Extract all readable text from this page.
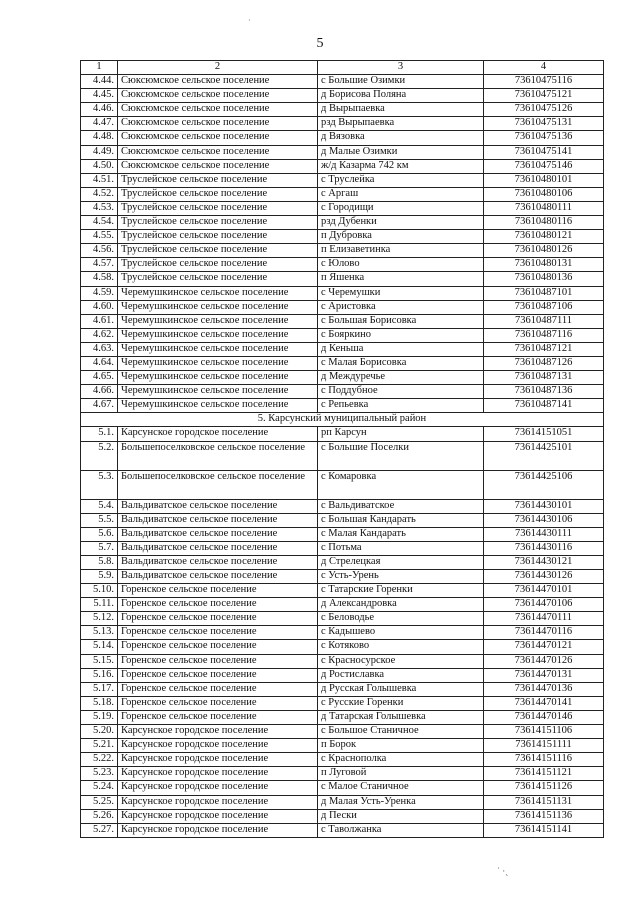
·
5
1	2	3	4
4.44.	Сюксюмское сельское поселение	с Большие Озимки	73610475116
4.45.	Сюксюмское сельское поселение	д Борисова Поляна	73610475121
4.46.	Сюксюмское сельское поселение	д Вырыпаевка	73610475126
4.47.	Сюксюмское сельское поселение	рзд Вырыпаевка	73610475131
4.48.	Сюксюмское сельское поселение	д Вязовка	73610475136
4.49.	Сюксюмское сельское поселение	д Малые Озимки	73610475141
4.50.	Сюксюмское сельское поселение	ж/д Казарма 742 км	73610475146
4.51.	Труслейское сельское поселение	с Труслейка	73610480101
4.52.	Труслейское сельское поселение	с Аргаш	73610480106
4.53.	Труслейское сельское поселение	с Городищи	73610480111
4.54.	Труслейское сельское поселение	рзд Дубенки	73610480116
4.55.	Труслейское сельское поселение	п Дубровка	73610480121
4.56.	Труслейское сельское поселение	п Елизаветинка	73610480126
4.57.	Труслейское сельское поселение	с Юлово	73610480131
4.58.	Труслейское сельское поселение	п Яшенка	73610480136
4.59.	Черемушкинское сельское поселение	с Черемушки	73610487101
4.60.	Черемушкинское сельское поселение	с Аристовка	73610487106
4.61.	Черемушкинское сельское поселение	с Большая Борисовка	73610487111
4.62.	Черемушкинское сельское поселение	с Бояркино	73610487116
4.63.	Черемушкинское сельское поселение	д Кеньша	73610487121
4.64.	Черемушкинское сельское поселение	с Малая Борисовка	73610487126
4.65.	Черемушкинское сельское поселение	д Междуречье	73610487131
4.66.	Черемушкинское сельское поселение	с Поддубное	73610487136
4.67.	Черемушкинское сельское поселение	с Репьевка	73610487141
5. Карсунский муниципальный район			
5.1.	Карсунское городское поселение	рп Карсун	73614151051
5.2.	Большепоселковское сельское поселение	с Большие Поселки	73614425101
5.3.	Большепоселковское сельское поселение	с Комаровка	73614425106
5.4.	Вальдиватское сельское поселение	с Вальдиватское	73614430101
5.5.	Вальдиватское сельское поселение	с Большая Кандарать	73614430106
5.6.	Вальдиватское сельское поселение	с Малая Кандарать	73614430111
5.7.	Вальдиватское сельское поселение	с Потьма	73614430116
5.8.	Вальдиватское сельское поселение	д Стрелецкая	73614430121
5.9.	Вальдиватское сельское поселение	с Усть-Урень	73614430126
5.10.	Горенское сельское поселение	с Татарские Горенки	73614470101
5.11.	Горенское сельское поселение	д Александровка	73614470106
5.12.	Горенское сельское поселение	с Беловодье	73614470111
5.13.	Горенское сельское поселение	с Кадышево	73614470116
5.14.	Горенское сельское поселение	с Котяково	73614470121
5.15.	Горенское сельское поселение	с Красносурское	73614470126
5.16.	Горенское сельское поселение	д Ростиславка	73614470131
5.17.	Горенское сельское поселение	д Русская Голышевка	73614470136
5.18.	Горенское сельское поселение	с Русские Горенки	73614470141
5.19.	Горенское сельское поселение	д Татарская Голышевка	73614470146
5.20.	Карсунское городское поселение	с Большое Станичное	73614151106
5.21.	Карсунское городское поселение	п Борок	73614151111
5.22.	Карсунское городское поселение	с Краснополка	73614151116
5.23.	Карсунское городское поселение	п Луговой	73614151121
5.24.	Карсунское городское поселение	с Малое Станичное	73614151126
5.25.	Карсунское городское поселение	д Малая Усть-Уренка	73614151131
5.26.	Карсунское городское поселение	д Пески	73614151136
5.27.	Карсунское городское поселение	с Таволжанка	73614151141
˙ ·ˏ
